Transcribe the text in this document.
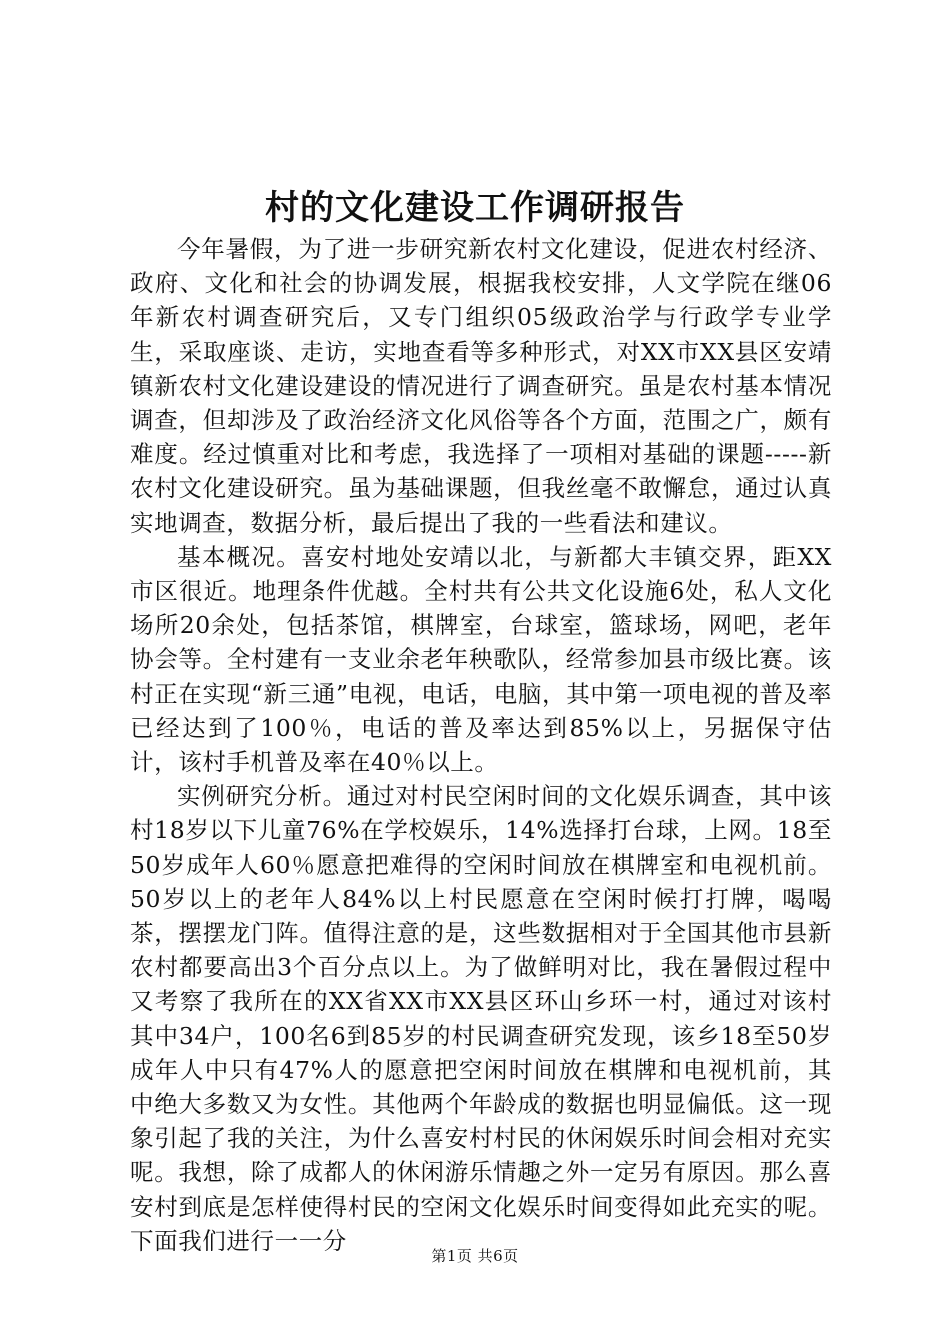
村的文化建设工作调研报告

今年暑假，为了进一步研究新农村文化建设，促进农村经济、政府、文化和社会的协调发展，根据我校安排，人文学院在继06年新农村调查研究后，又专门组织05级政治学与行政学专业学生，采取座谈、走访，实地查看等多种形式，对XX市XX县区安靖镇新农村文化建设建设的情况进行了调查研究。虽是农村基本情况调查，但却涉及了政治经济文化风俗等各个方面，范围之广，颇有难度。经过慎重对比和考虑，我选择了一项相对基础的课题-----新农村文化建设研究。虽为基础课题，但我丝毫不敢懈怠，通过认真实地调查，数据分析，最后提出了我的一些看法和建议。

基本概况。喜安村地处安靖以北，与新都大丰镇交界，距XX市区很近。地理条件优越。全村共有公共文化设施6处，私人文化场所20余处，包括茶馆，棋牌室，台球室，篮球场，网吧，老年协会等。全村建有一支业余老年秧歌队，经常参加县市级比赛。该村正在实现“新三通”电视，电话，电脑，其中第一项电视的普及率已经达到了100％，电话的普及率达到85%以上，另据保守估计，该村手机普及率在40％以上。

实例研究分析。通过对村民空闲时间的文化娱乐调查，其中该村18岁以下儿童76%在学校娱乐，14%选择打台球，上网。18至50岁成年人60％愿意把难得的空闲时间放在棋牌室和电视机前。50岁以上的老年人84%以上村民愿意在空闲时候打打牌，喝喝茶，摆摆龙门阵。值得注意的是，这些数据相对于全国其他市县新农村都要高出3个百分点以上。为了做鲜明对比，我在暑假过程中又考察了我所在的XX省XX市XX县区环山乡环一村，通过对该村其中34户，100名6到85岁的村民调查研究发现，该乡18至50岁成年人中只有47%人的愿意把空闲时间放在棋牌和电视机前，其中绝大多数又为女性。其他两个年龄成的数据也明显偏低。这一现象引起了我的关注，为什么喜安村村民的休闲娱乐时间会相对充实呢。我想，除了成都人的休闲游乐情趣之外一定另有原因。那么喜安村到底是怎样使得村民的空闲文化娱乐时间变得如此充实的呢。下面我们进行一一分

第1页 共6页
